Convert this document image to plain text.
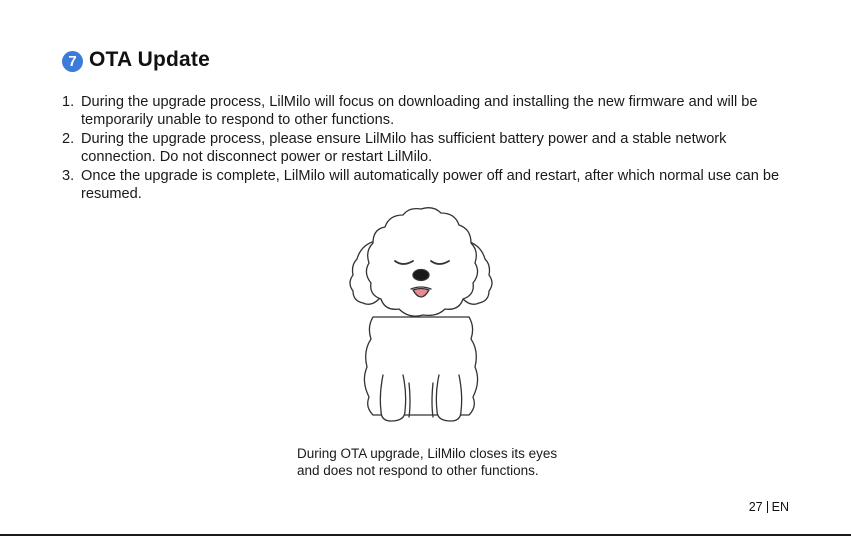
7 OTA Update
1. During the upgrade process, LilMilo will focus on downloading and installing the new firmware and will be temporarily unable to respond to other functions.
2. During the upgrade process, please ensure LilMilo has sufficient battery power and a stable network connection. Do not disconnect power or restart LilMilo.
3. Once the upgrade is complete, LilMilo will automatically power off and restart, after which normal use can be resumed.
During OTA upgrade, LilMilo closes its eyes
and does not respond to other functions.
27 EN
